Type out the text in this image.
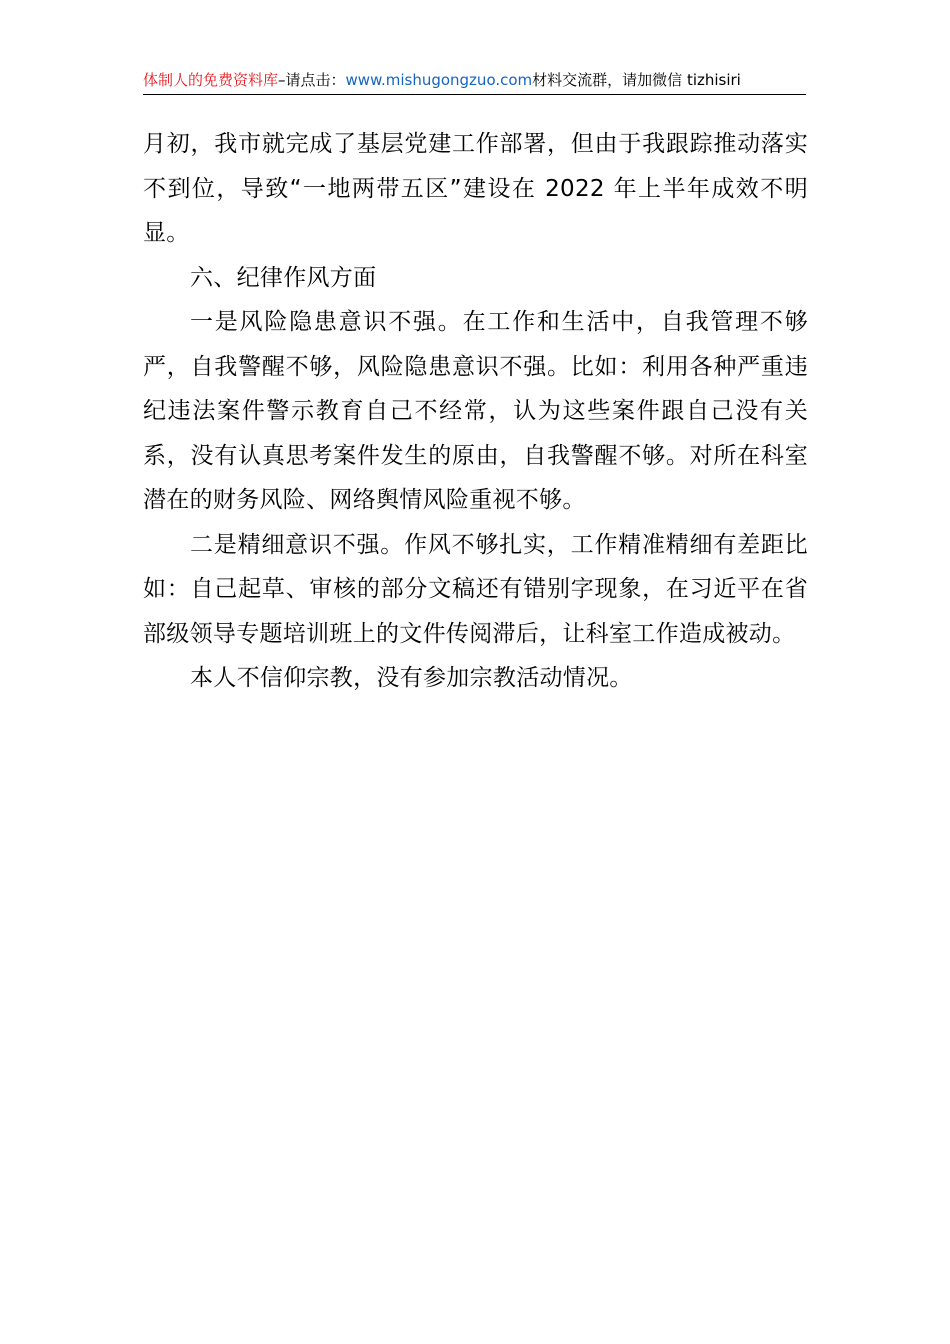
体制人的免费资料库–请点击：www.mishugongzuo.com材料交流群，请加微信 tizhisiri

月初，我市就完成了基层党建工作部署，但由于我跟踪推动落实不到位，导致“一地两带五区”建设在 2022 年上半年成效不明显。

六、纪律作风方面

一是风险隐患意识不强。在工作和生活中，自我管理不够严，自我警醒不够，风险隐患意识不强。比如：利用各种严重违纪违法案件警示教育自己不经常，认为这些案件跟自己没有关系，没有认真思考案件发生的原由，自我警醒不够。对所在科室潜在的财务风险、网络舆情风险重视不够。

二是精细意识不强。作风不够扎实，工作精准精细有差距比如：自己起草、审核的部分文稿还有错别字现象，在习近平在省部级领导专题培训班上的文件传阅滞后，让科室工作造成被动。

本人不信仰宗教，没有参加宗教活动情况。
